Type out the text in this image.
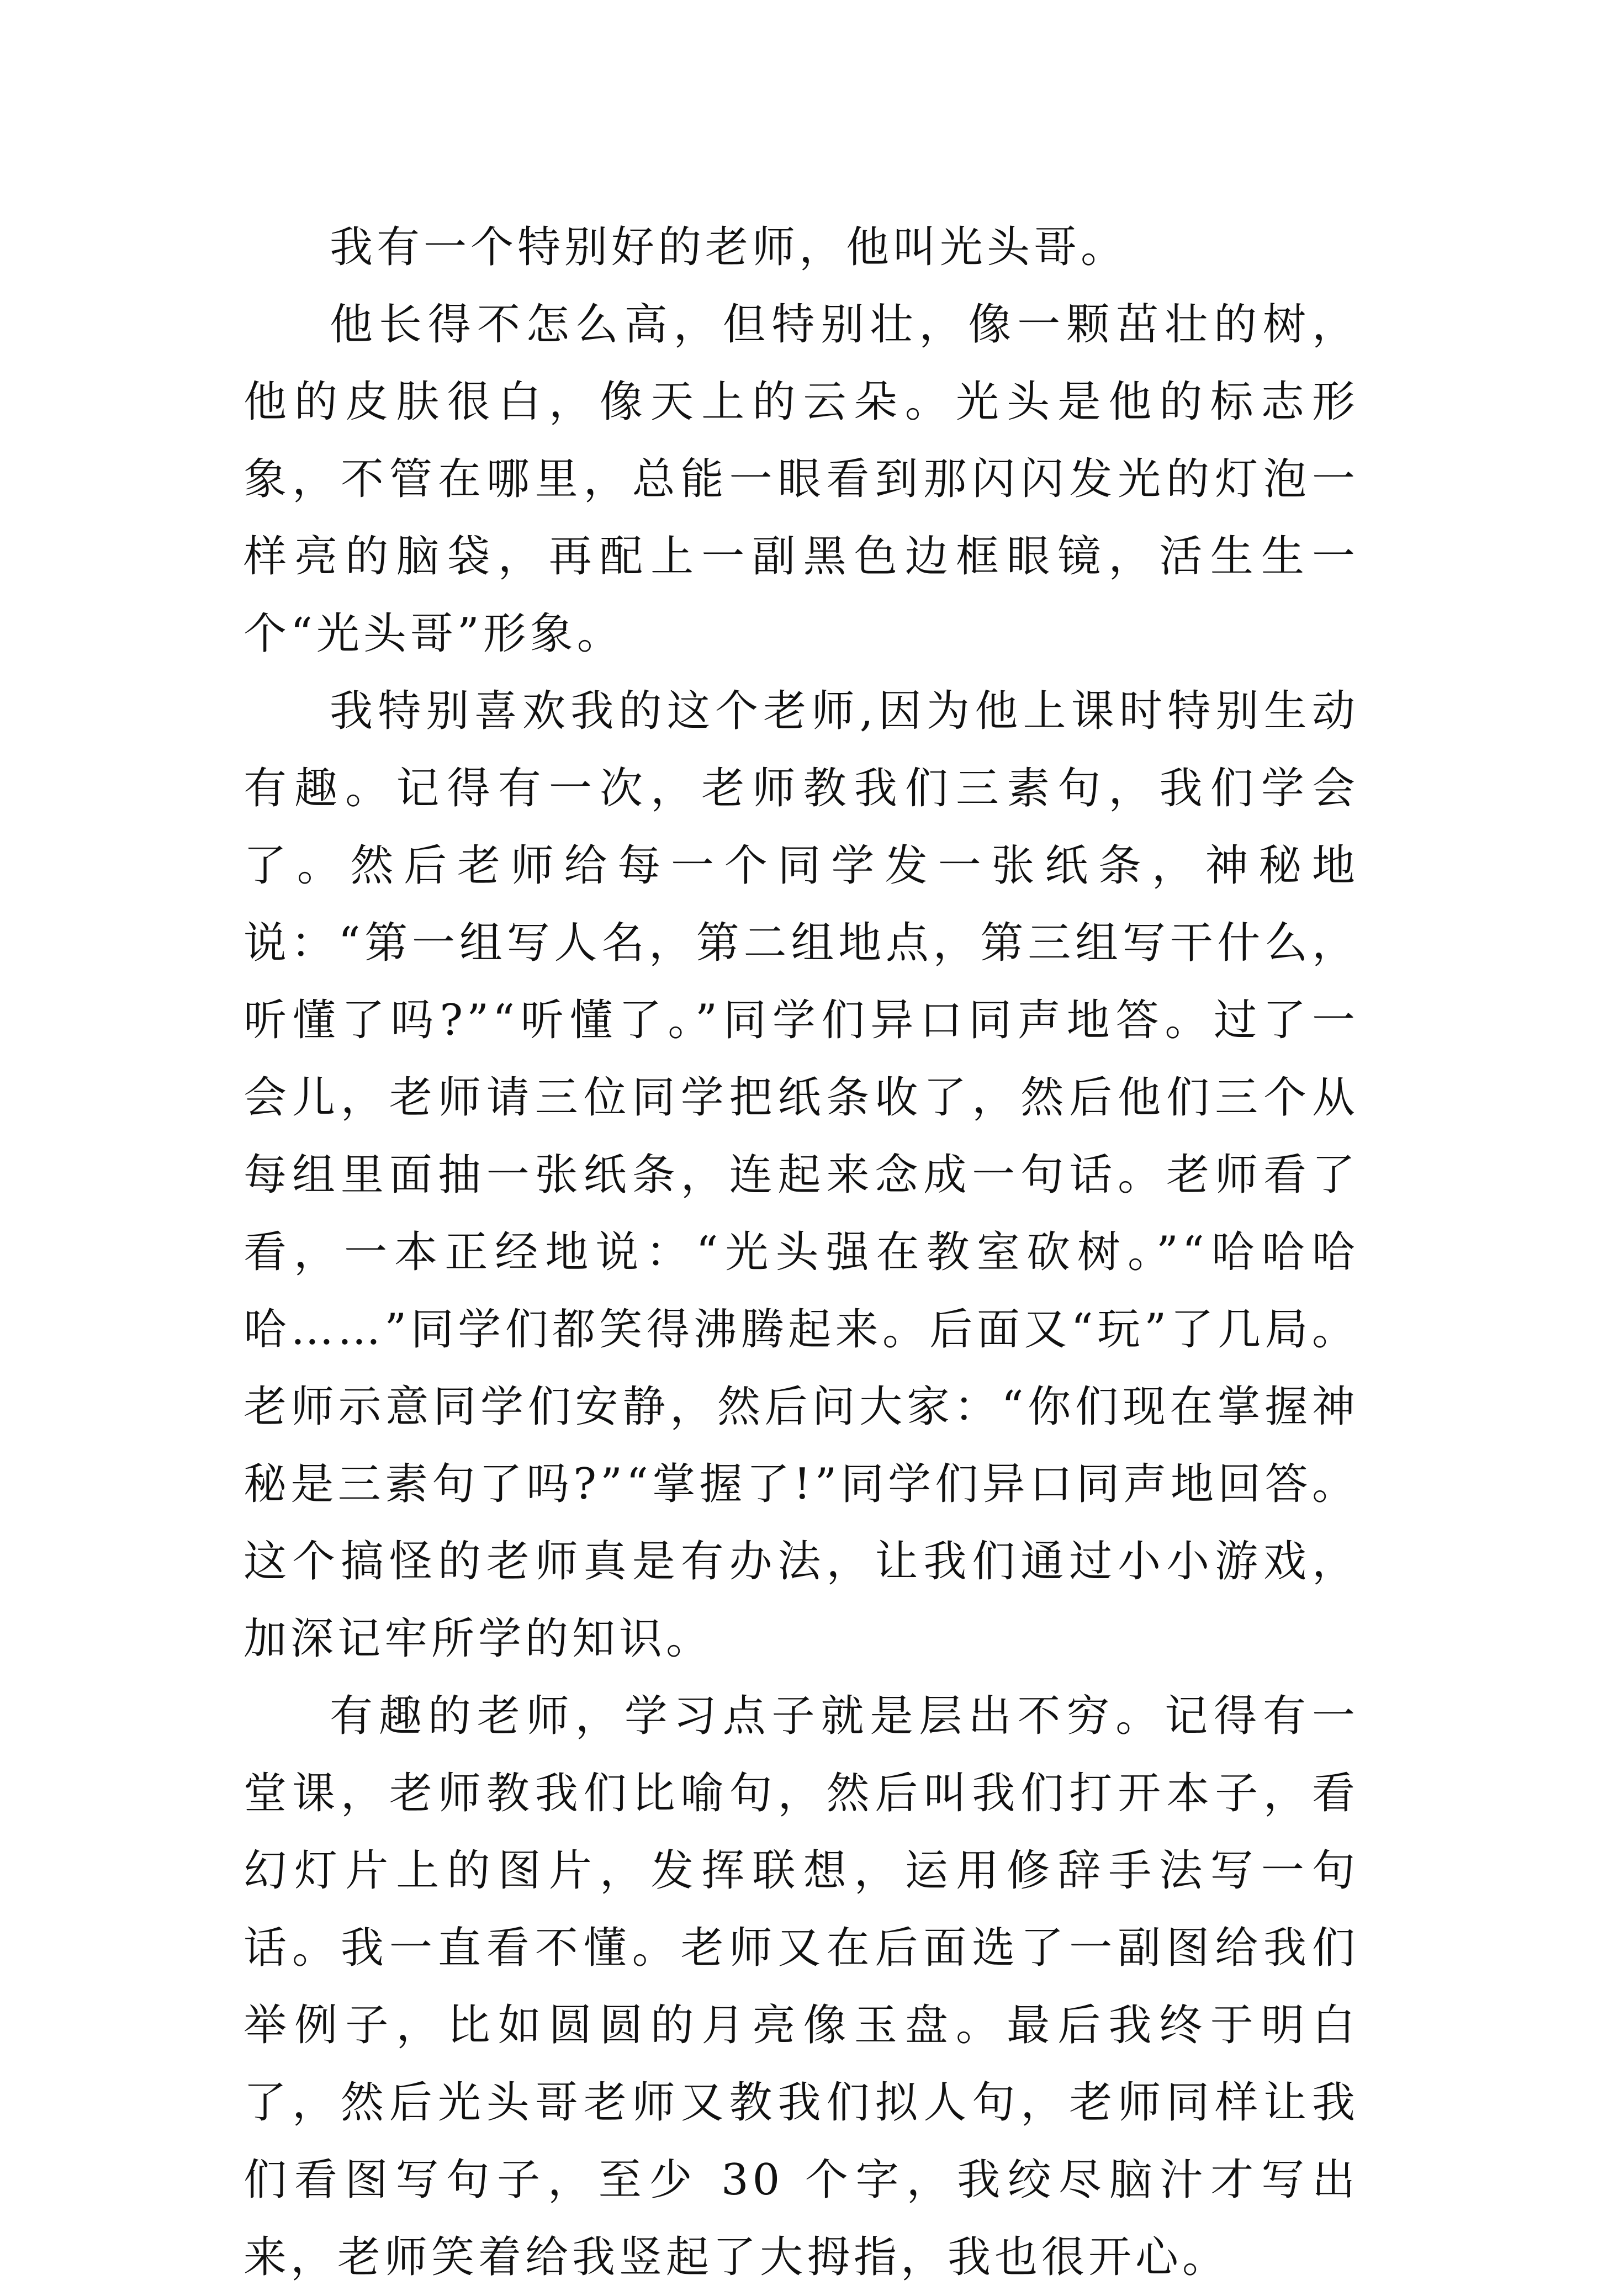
我有一个特别好的老师，他叫光头哥。

他长得不怎么高，但特别壮，像一颗茁壮的树，他的皮肤很白，像天上的云朵。光头是他的标志形象，不管在哪里，总能一眼看到那闪闪发光的灯泡一样亮的脑袋，再配上一副黑色边框眼镜，活生生一个“光头哥”形象。

我特别喜欢我的这个老师,因为他上课时特别生动有趣。记得有一次，老师教我们三素句，我们学会了。然后老师给每一个同学发一张纸条，神秘地说：“第一组写人名，第二组地点，第三组写干什么，听懂了吗?”“听懂了。”同学们异口同声地答。过了一会儿，老师请三位同学把纸条收了，然后他们三个从每组里面抽一张纸条，连起来念成一句话。老师看了看，一本正经地说：“光头强在教室砍树。”“哈哈哈哈……”同学们都笑得沸腾起来。后面又“玩”了几局。老师示意同学们安静，然后问大家：“你们现在掌握神秘是三素句了吗?”“掌握了!”同学们异口同声地回答。这个搞怪的老师真是有办法，让我们通过小小游戏，加深记牢所学的知识。

有趣的老师，学习点子就是层出不穷。记得有一堂课，老师教我们比喻句，然后叫我们打开本子，看幻灯片上的图片，发挥联想，运用修辞手法写一句话。我一直看不懂。老师又在后面选了一副图给我们举例子，比如圆圆的月亮像玉盘。最后我终于明白了，然后光头哥老师又教我们拟人句，老师同样让我们看图写句子，至少 30 个字，我绞尽脑汁才写出来，老师笑着给我竖起了大拇指，我也很开心。
